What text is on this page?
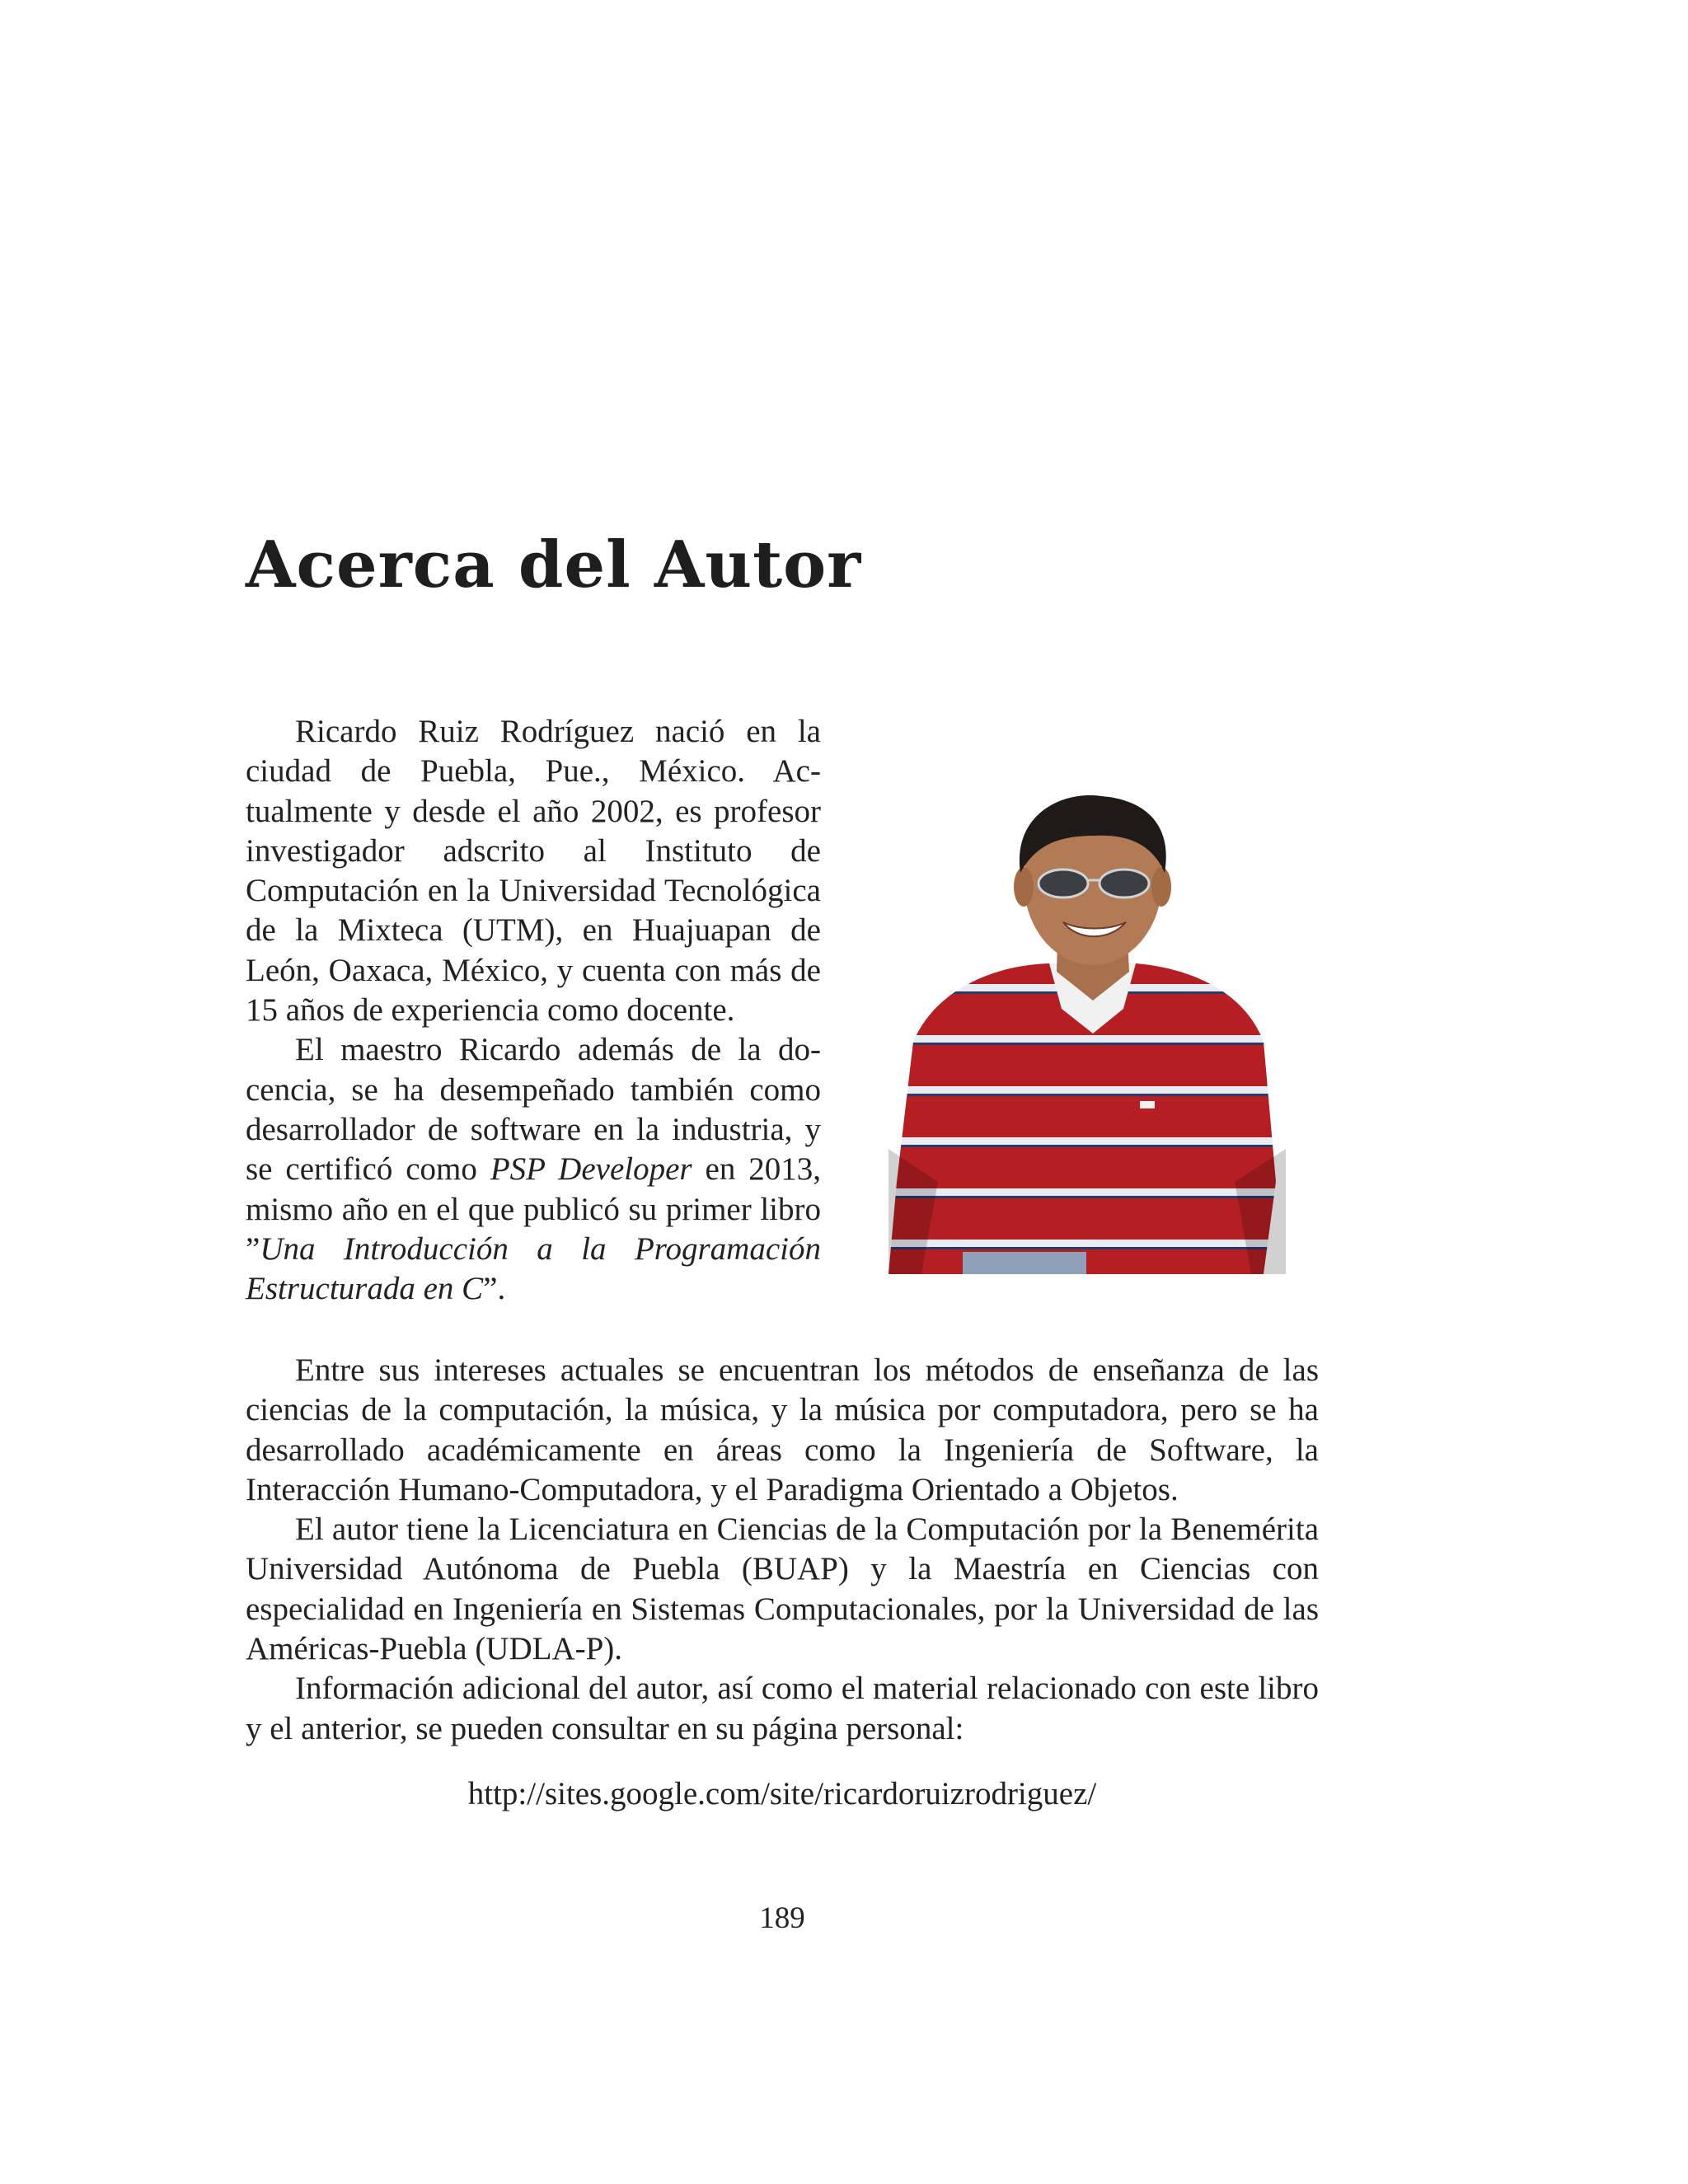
Acerca del Autor

Ricardo Ruiz Rodríguez nació en la ciudad de Puebla, Pue., México. Actualmente y desde el año 2002, es profesor investigador adscrito al Instituto de Computación en la Universidad Tecnológica de la Mixteca (UTM), en Huajuapan de León, Oaxaca, México, y cuenta con más de 15 años de experiencia como docente.

El maestro Ricardo además de la docencia, se ha desempeñado también como desarrollador de software en la industria, y se certificó como PSP Developer en 2013, mismo año en el que publicó su primer libro ”Una Introducción a la Programación Estructurada en C”.

Entre sus intereses actuales se encuentran los métodos de enseñanza de las ciencias de la computación, la música, y la música por computadora, pero se ha desarrollado académicamente en áreas como la Ingeniería de Software, la Interacción Humano-Computadora, y el Paradigma Orientado a Objetos.

El autor tiene la Licenciatura en Ciencias de la Computación por la Benemérita Universidad Autónoma de Puebla (BUAP) y la Maestría en Ciencias con especialidad en Ingeniería en Sistemas Computacionales, por la Universidad de las Américas-Puebla (UDLA-P).

Información adicional del autor, así como el material relacionado con este libro y el anterior, se pueden consultar en su página personal:

http://sites.google.com/site/ricardoruizrodriguez/

189
